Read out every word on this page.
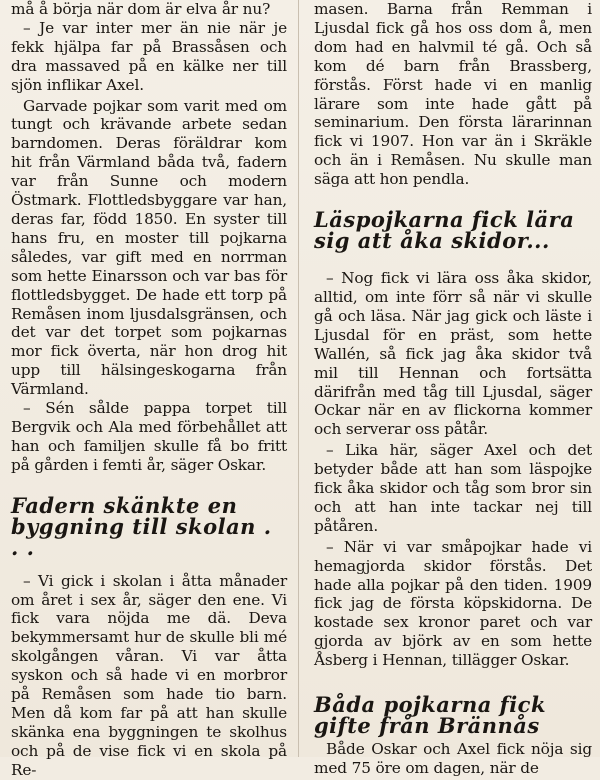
må å börja när dom är elva år nu?

– Je var inter mer än nie när je fekk hjälpa far på Brassåsen och dra massaved på en kälke ner till sjön inflikar Axel.

Garvade pojkar som varit med om tungt och krävande arbete sedan barndomen. Deras föräldrar kom hit från Värmland båda två, fadern var från Sunne och modern Östmark. Flottledsbyggare var han, deras far, född 1850. En syster till hans fru, en moster till pojkarna således, var gift med en norrman som hette Einarsson och var bas för flottledsbygget. De hade ett torp på Remåsen inom ljusdalsgränsen, och det var det torpet som pojkarnas mor fick överta, när hon drog hit upp till hälsingeskogarna från Värmland.

– Sén sålde pappa torpet till Bergvik och Ala med förbehållet att han och familjen skulle få bo fritt på gården i femti år, säger Oskar.

Fadern skänkte en byggning till skolan . . .

– Vi gick i skolan i åtta månader om året i sex år, säger den ene. Vi fick vara nöjda me dä. Deva bekymmersamt hur de skulle bli mé skolgången våran. Vi var åtta syskon och så hade vi en morbror på Remåsen som hade tio barn. Men då kom far på att han skulle skänka ena byggningen te skolhus och på de vise fick vi en skola på Re-

masen. Barna från Remman i Ljusdal fick gå hos oss dom å, men dom had en halvmil té gå. Och så kom dé barn från Brassberg, förstås. Först hade vi en manlig lärare som inte hade gått på seminarium. Den första lärarinnan fick vi 1907. Hon var än i Skräkle och än i Remåsen. Nu skulle man säga att hon pendla.

Läspojkarna fick lära sig att åka skidor...

– Nog fick vi lära oss åka skidor, alltid, om inte förr så när vi skulle gå och läsa. När jag gick och läste i Ljusdal för en präst, som hette Wallén, så fick jag åka skidor två mil till Hennan och fortsätta därifrån med tåg till Ljusdal, säger Ockar när en av flickorna kommer och serverar oss påtår.

– Lika här, säger Axel och det betyder både att han som läspojke fick åka skidor och tåg som bror sin och att han inte tackar nej till påtåren.

– När vi var småpojkar hade vi hemagjorda skidor förstås. Det hade alla pojkar på den tiden. 1909 fick jag de första köpskidorna. De kostade sex kronor paret och var gjorda av björk av en som hette Åsberg i Hennan, tillägger Oskar.

Båda pojkarna fick gifte från Brännås

Både Oskar och Axel fick nöja sig med 75 öre om dagen, när de
